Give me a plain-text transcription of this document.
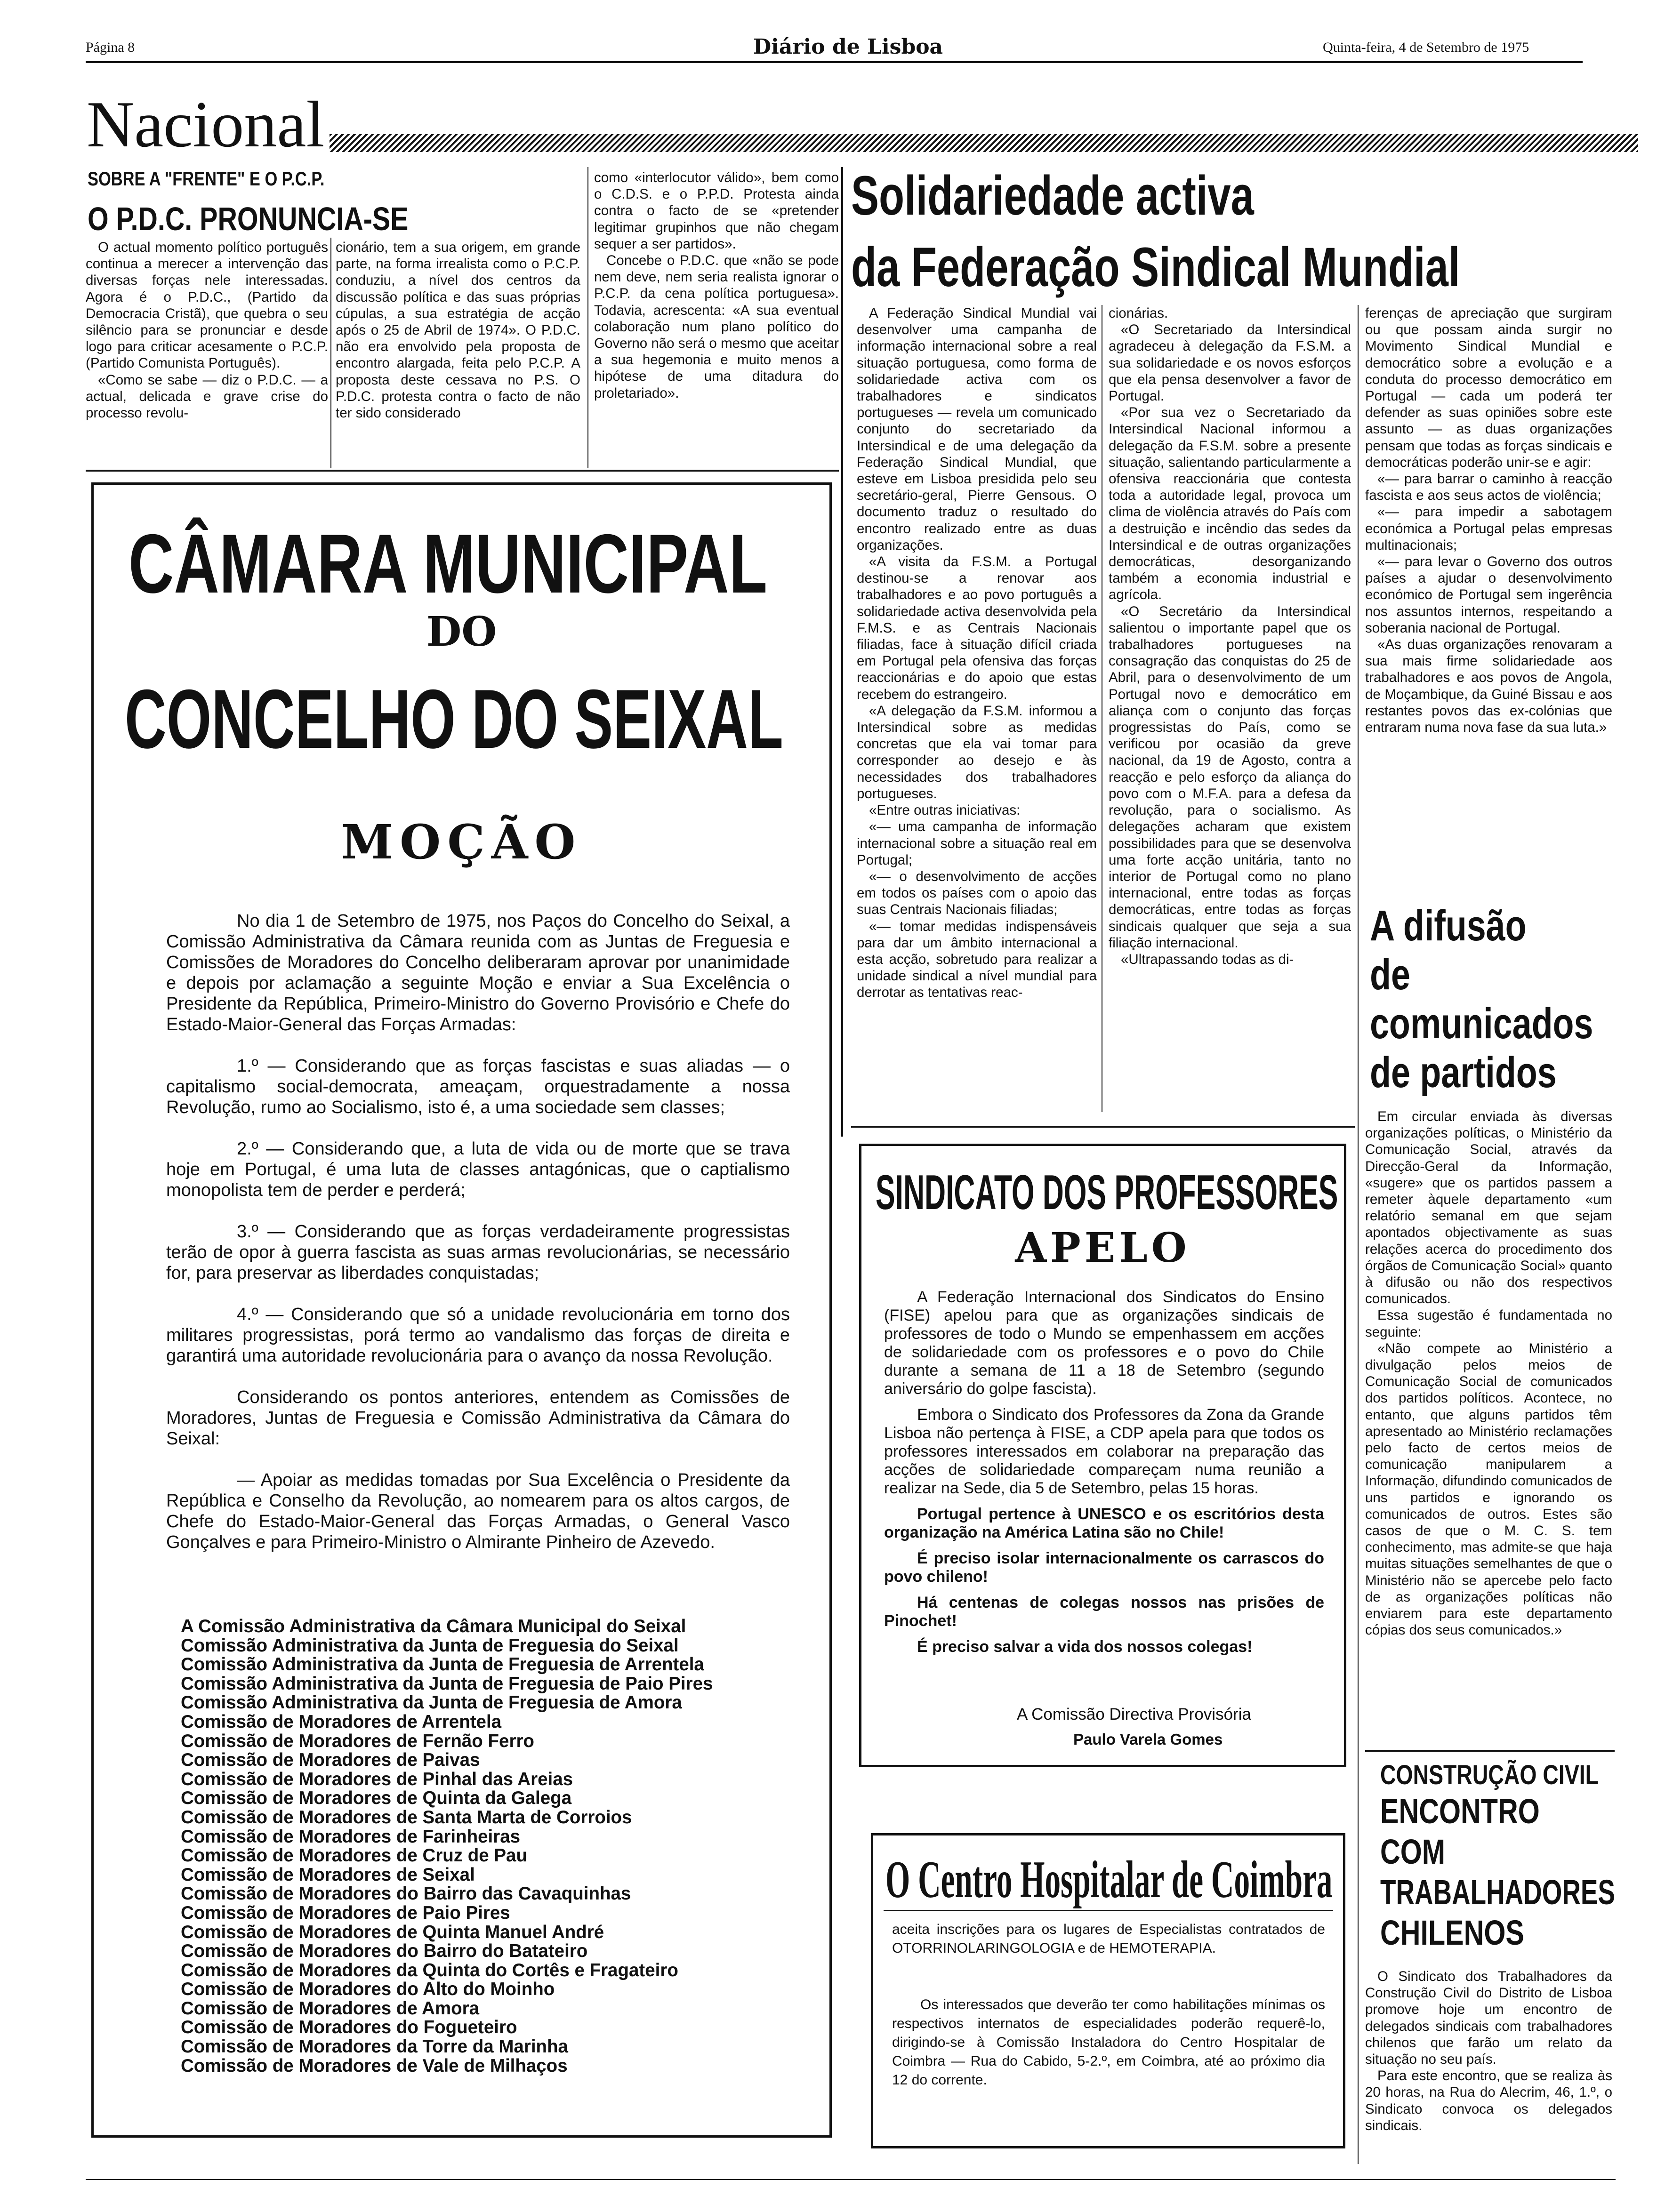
Página 8	Diário de Lisboa	Quinta-feira, 4 de Setembro de 1975
Nacional
SOBRE A "FRENTE" E O P.C.P.
O P.D.C. PRONUNCIA-SE

O actual momento político português continua a merecer a intervenção das diversas forças nele interessadas. Agora é o P.D.C., (Partido da Democracia Cristã), que quebra o seu silêncio para se pronunciar e desde logo para criticar acesamente o P.C.P. (Partido Comunista Português).

«Como se sabe — diz o P.D.C. — a actual, delicada e grave crise do processo revolu-

cionário, tem a sua origem, em grande parte, na forma irrealista como o P.C.P. conduziu, a nível dos centros da discussão política e das suas próprias cúpulas, a sua estratégia de acção após o 25 de Abril de 1974». O P.D.C. não era envolvido pela proposta de encontro alargada, feita pelo P.C.P. A proposta deste cessava no P.S. O P.D.C. protesta contra o facto de não ter sido considerado

como «interlocutor válido», bem como o C.D.S. e o P.P.D. Protesta ainda contra o facto de se «pretender legitimar grupinhos que não chegam sequer a ser partidos».

Concebe o P.D.C. que «não se pode nem deve, nem seria realista ignorar o P.C.P. da cena política portuguesa». Todavia, acrescenta: «A sua eventual colaboração num plano político do Governo não será o mesmo que aceitar a sua hegemonia e muito menos a hipótese de uma ditadura do proletariado».

CÂMARA MUNICIPAL
DO
CONCELHO DO SEIXAL
MOÇÃO

No dia 1 de Setembro de 1975, nos Paços do Concelho do Seixal, a Comissão Administrativa da Câmara reunida com as Juntas de Freguesia e Comissões de Moradores do Concelho deliberaram aprovar por unanimidade e depois por aclamação a seguinte Moção e enviar a Sua Excelência o Presidente da República, Primeiro-Ministro do Governo Provisório e Chefe do Estado-Maior-General das Forças Armadas:

1.º — Considerando que as forças fascistas e suas aliadas — o capitalismo social-democrata, ameaçam, orquestradamente a nossa Revolução, rumo ao Socialismo, isto é, a uma sociedade sem classes;

2.º — Considerando que, a luta de vida ou de morte que se trava hoje em Portugal, é uma luta de classes antagónicas, que o captialismo monopolista tem de perder e perderá;

3.º — Considerando que as forças verdadeiramente progressistas terão de opor à guerra fascista as suas armas revolucionárias, se necessário for, para preservar as liberdades conquistadas;

4.º — Considerando que só a unidade revolucionária em torno dos militares progressistas, porá termo ao vandalismo das forças de direita e garantirá uma autoridade revolucionária para o avanço da nossa Revolução.

Considerando os pontos anteriores, entendem as Comissões de Moradores, Juntas de Freguesia e Comissão Administrativa da Câmara do Seixal:

— Apoiar as medidas tomadas por Sua Excelência o Presidente da República e Conselho da Revolução, ao nomearem para os altos cargos, de Chefe do Estado-Maior-General das Forças Armadas, o General Vasco Gonçalves e para Primeiro-Ministro o Almirante Pinheiro de Azevedo.

A Comissão Administrativa da Câmara Municipal do Seixal
Comissão Administrativa da Junta de Freguesia do Seixal
Comissão Administrativa da Junta de Freguesia de Arrentela
Comissão Administrativa da Junta de Freguesia de Paio Pires
Comissão Administrativa da Junta de Freguesia de Amora
Comissão de Moradores de Arrentela
Comissão de Moradores de Fernão Ferro
Comissão de Moradores de Paivas
Comissão de Moradores de Pinhal das Areias
Comissão de Moradores de Quinta da Galega
Comissão de Moradores de Santa Marta de Corroios
Comissão de Moradores de Farinheiras
Comissão de Moradores de Cruz de Pau
Comissão de Moradores de Seixal
Comissão de Moradores do Bairro das Cavaquinhas
Comissão de Moradores de Paio Pires
Comissão de Moradores de Quinta Manuel André
Comissão de Moradores do Bairro do Batateiro
Comissão de Moradores da Quinta do Cortês e Fragateiro
Comissão de Moradores do Alto do Moinho
Comissão de Moradores de Amora
Comissão de Moradores do Fogueteiro
Comissão de Moradores da Torre da Marinha
Comissão de Moradores de Vale de Milhaços
Solidariedade activa
da Federação Sindical Mundial

A Federação Sindical Mundial vai desenvolver uma campanha de informação internacional sobre a real situação portuguesa, como forma de solidariedade activa com os trabalhadores e sindicatos portugueses — revela um comunicado conjunto do secretariado da Intersindical e de uma delegação da Federação Sindical Mundial, que esteve em Lisboa presidida pelo seu secretário-geral, Pierre Gensous. O documento traduz o resultado do encontro realizado entre as duas organizações.

«A visita da F.S.M. a Portugal destinou-se a renovar aos trabalhadores e ao povo português a solidariedade activa desenvolvida pela F.M.S. e as Centrais Nacionais filiadas, face à situação difícil criada em Portugal pela ofensiva das forças reaccionárias e do apoio que estas recebem do estrangeiro.

«A delegação da F.S.M. informou a Intersindical sobre as medidas concretas que ela vai tomar para corresponder ao desejo e às necessidades dos trabalhadores portugueses.

«Entre outras iniciativas:

«— uma campanha de informação internacional sobre a situação real em Portugal;

«— o desenvolvimento de acções em todos os países com o apoio das suas Centrais Nacionais filiadas;

«— tomar medidas indispensáveis para dar um âmbito internacional a esta acção, sobretudo para realizar a unidade sindical a nível mundial para derrotar as tentativas reac-

cionárias.

«O Secretariado da Intersindical agradeceu à delegação da F.S.M. a sua solidariedade e os novos esforços que ela pensa desenvolver a favor de Portugal.

«Por sua vez o Secretariado da Intersindical Nacional informou a delegação da F.S.M. sobre a presente situação, salientando particularmente a ofensiva reaccionária que contesta toda a autoridade legal, provoca um clima de violência através do País com a destruição e incêndio das sedes da Intersindical e de outras organizações democráticas, desorganizando também a economia industrial e agrícola.

«O Secretário da Intersindical salientou o importante papel que os trabalhadores portugueses na consagração das conquistas do 25 de Abril, para o desenvolvimento de um Portugal novo e democrático em aliança com o conjunto das forças progressistas do País, como se verificou por ocasião da greve nacional, da 19 de Agosto, contra a reacção e pelo esforço da aliança do povo com o M.F.A. para a defesa da revolução, para o socialismo. As delegações acharam que existem possibilidades para que se desenvolva uma forte acção unitária, tanto no interior de Portugal como no plano internacional, entre todas as forças democráticas, entre todas as forças sindicais qualquer que seja a sua filiação internacional.

«Ultrapassando todas as di-

ferenças de apreciação que surgiram ou que possam ainda surgir no Movimento Sindical Mundial e democrático sobre a evolução e a conduta do processo democrático em Portugal — cada um poderá ter defender as suas opiniões sobre este assunto — as duas organizações pensam que todas as forças sindicais e democráticas poderão unir-se e agir:

«— para barrar o caminho à reacção fascista e aos seus actos de violência;

«— para impedir a sabotagem económica a Portugal pelas empresas multinacionais;

«— para levar o Governo dos outros países a ajudar o desenvolvimento económico de Portugal sem ingerência nos assuntos internos, respeitando a soberania nacional de Portugal.

«As duas organizações renovaram a sua mais firme solidariedade aos trabalhadores e aos povos de Angola, de Moçambique, da Guiné Bissau e aos restantes povos das ex-colónias que entraram numa nova fase da sua luta.»

A difusão
de
comunicados
de partidos

Em circular enviada às diversas organizações políticas, o Ministério da Comunicação Social, através da Direcção-Geral da Informação, «sugere» que os partidos passem a remeter àquele departamento «um relatório semanal em que sejam apontados objectivamente as suas relações acerca do procedimento dos órgãos de Comunicação Social» quanto à difusão ou não dos respectivos comunicados.

Essa sugestão é fundamentada no seguinte:

«Não compete ao Ministério a divulgação pelos meios de Comunicação Social de comunicados dos partidos políticos. Acontece, no entanto, que alguns partidos têm apresentado ao Ministério reclamações pelo facto de certos meios de comunicação manipularem a Informação, difundindo comunicados de uns partidos e ignorando os comunicados de outros. Estes são casos de que o M. C. S. tem conhecimento, mas admite-se que haja muitas situações semelhantes de que o Ministério não se apercebe pelo facto de as organizações políticas não enviarem para este departamento cópias dos seus comunicados.»

CONSTRUÇÃO CIVIL
ENCONTRO
COM
TRABALHADORES
CHILENOS

O Sindicato dos Trabalhadores da Construção Civil do Distrito de Lisboa promove hoje um encontro de delegados sindicais com trabalhadores chilenos que farão um relato da situação no seu país.

Para este encontro, que se realiza às 20 horas, na Rua do Alecrim, 46, 1.º, o Sindicato convoca os delegados sindicais.

SINDICATO DOS PROFESSORES
APELO

A Federação Internacional dos Sindicatos do Ensino (FISE) apelou para que as organizações sindicais de professores de todo o Mundo se empenhassem em acções de solidariedade com os professores e o povo do Chile durante a semana de 11 a 18 de Setembro (segundo aniversário do golpe fascista).

Embora o Sindicato dos Professores da Zona da Grande Lisboa não pertença à FISE, a CDP apela para que todos os professores interessados em colaborar na preparação das acções de solidariedade compareçam numa reunião a realizar na Sede, dia 5 de Setembro, pelas 15 horas.

Portugal pertence à UNESCO e os escritórios desta organização na América Latina são no Chile!

É preciso isolar internacionalmente os carrascos do povo chileno!

Há centenas de colegas nossos nas prisões de Pinochet!

É preciso salvar a vida dos nossos colegas!

A Comissão Directiva Provisória
Paulo Varela Gomes
O Centro Hospitalar de Coimbra
aceita inscrições para os lugares de Especialistas contratados de OTORRINOLARINGOLOGIA e de HEMOTERAPIA.
Os interessados que deverão ter como habilitações mínimas os respectivos internatos de especialidades poderão requerê-lo, dirigindo-se à Comissão Instaladora do Centro Hospitalar de Coimbra — Rua do Cabido, 5-2.º, em Coimbra, até ao próximo dia 12 do corrente.
